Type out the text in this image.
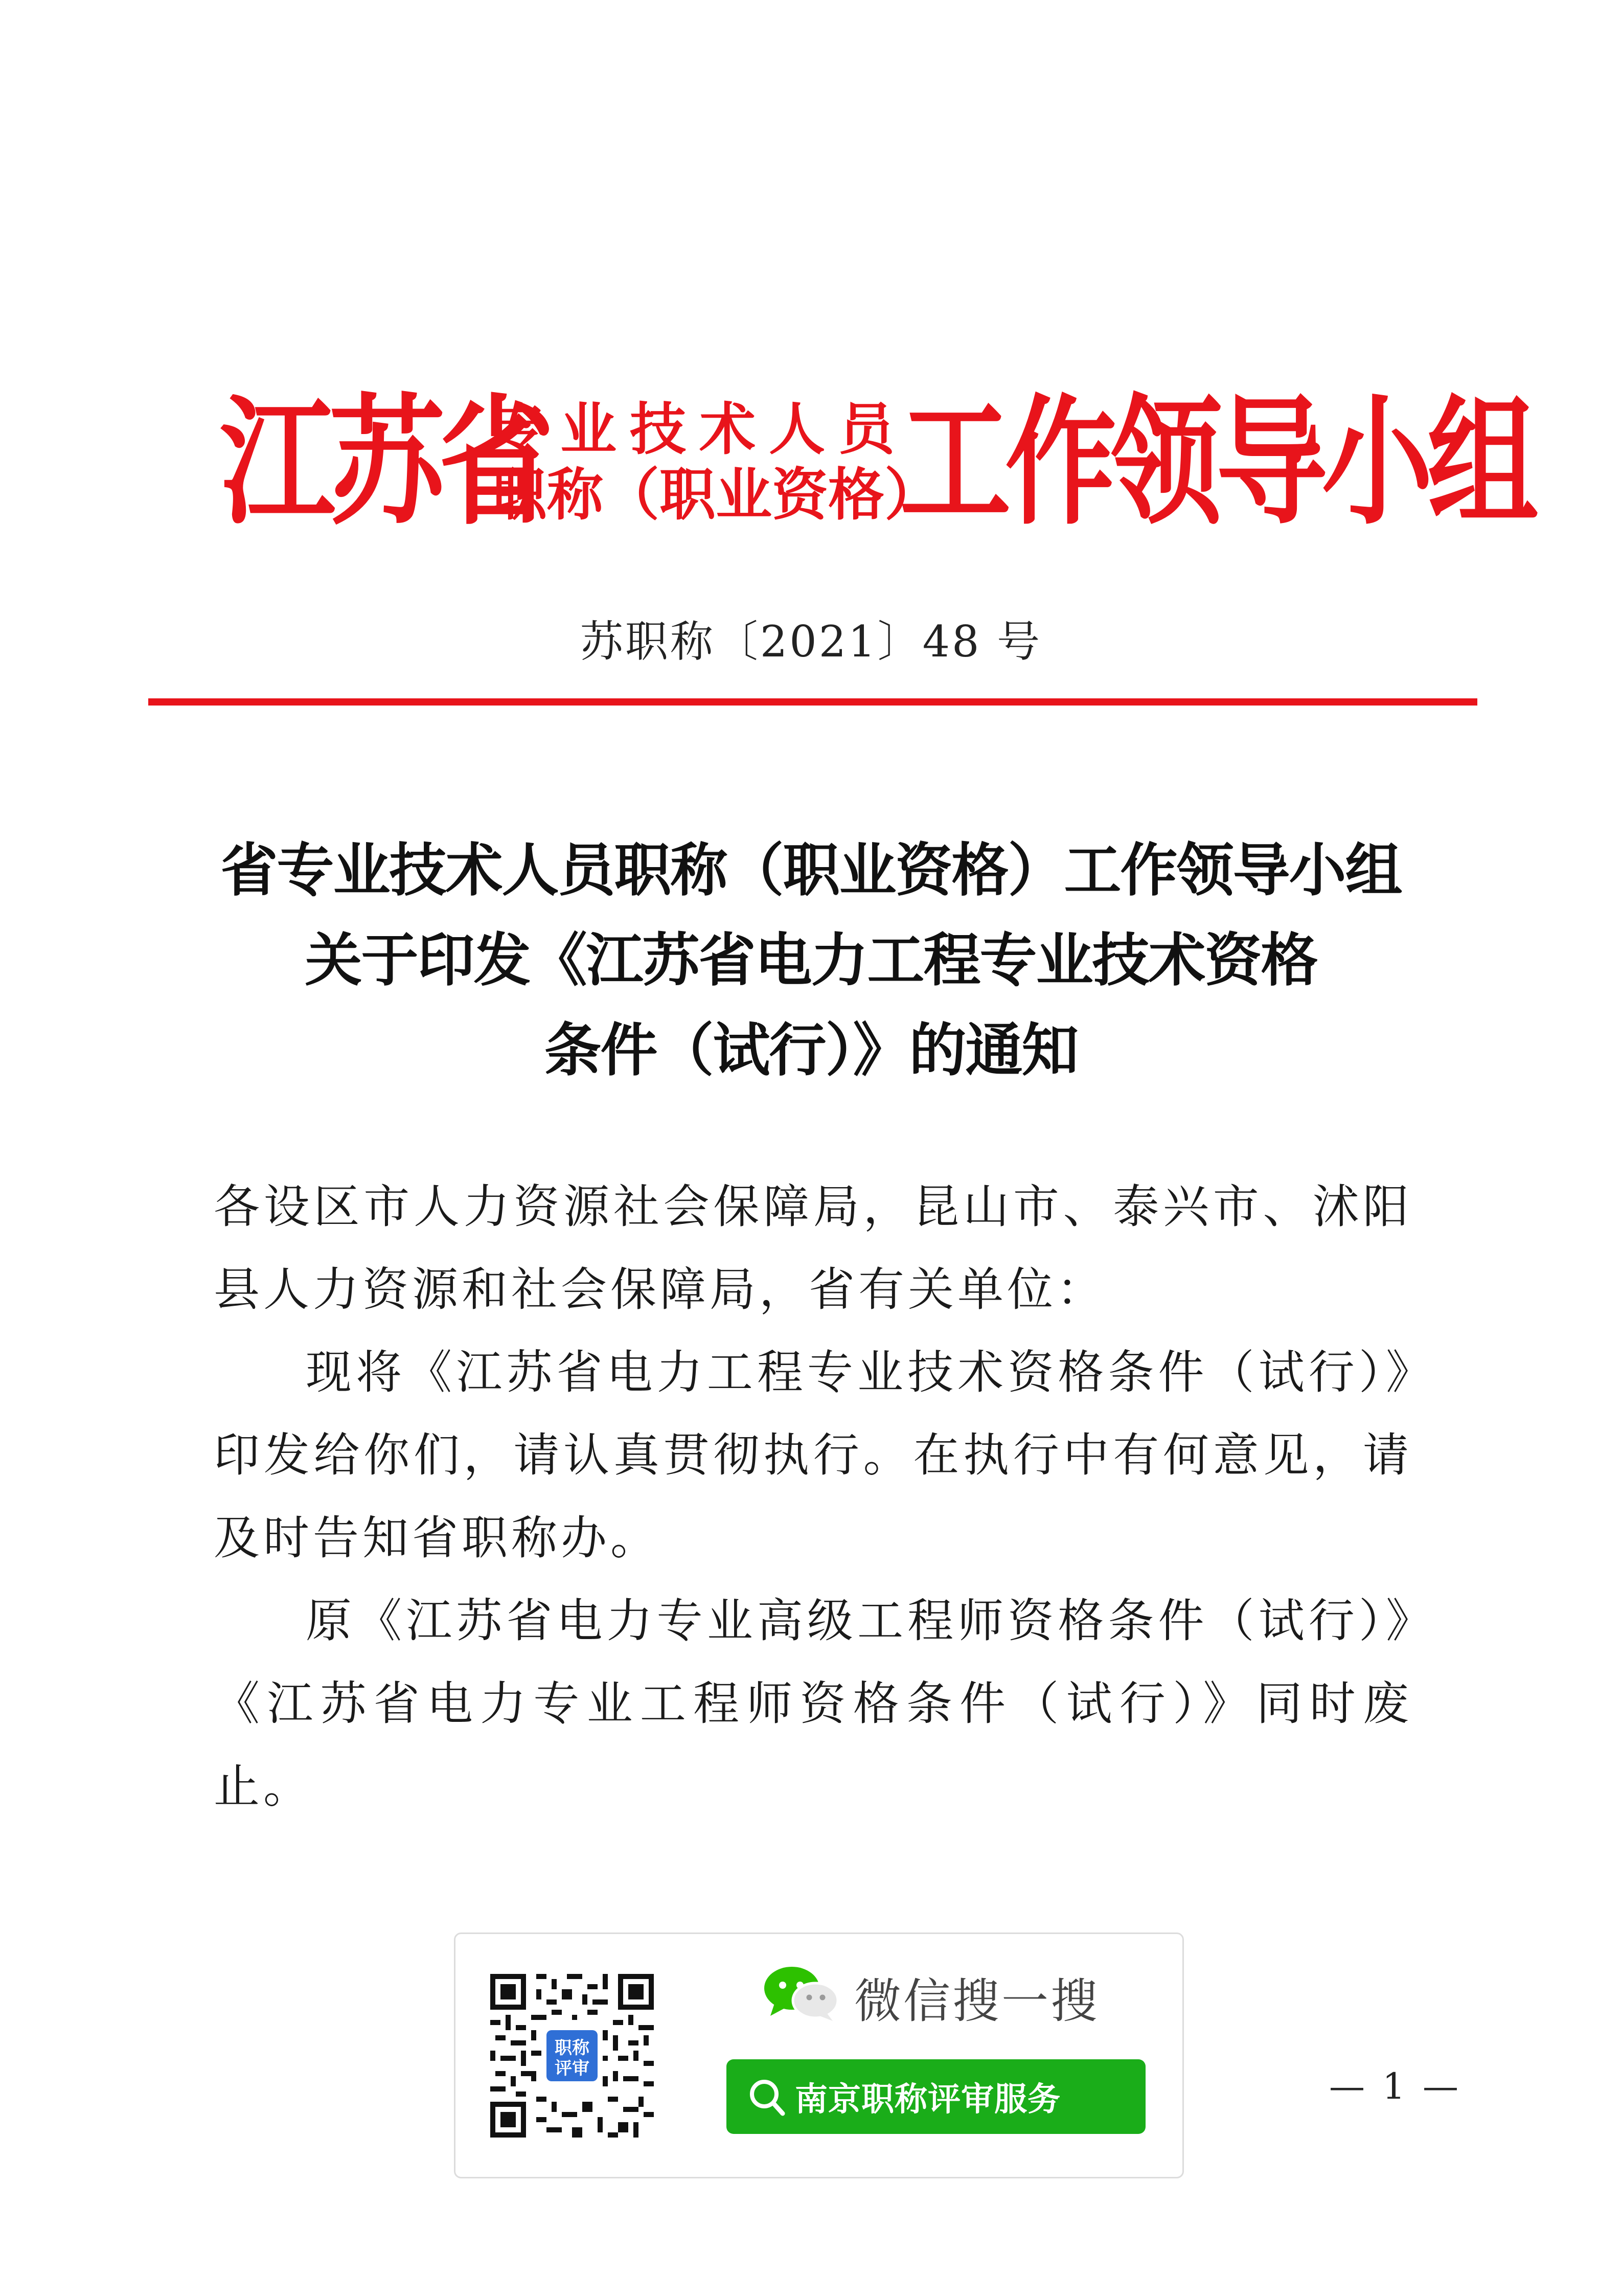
江苏省
专业技术人员
职称（职业资格）
工作领导小组
苏职称〔2021〕48 号
省专业技术人员职称（职业资格）工作领导小组
关于印发《江苏省电力工程专业技术资格
条件（试行）》的通知

各设区市人力资源社会保障局，昆山市、泰兴市、沭阳县人力资源和社会保障局，省有关单位：

现将《江苏省电力工程专业技术资格条件（试行）》印发给你们，请认真贯彻执行。在执行中有何意见，请及时告知省职称办。

原《江苏省电力专业高级工程师资格条件（试行）》《江苏省电力专业工程师资格条件（试行）》同时废止。

职称
评审
微信搜一搜
南京职称评审服务	— 1 —
